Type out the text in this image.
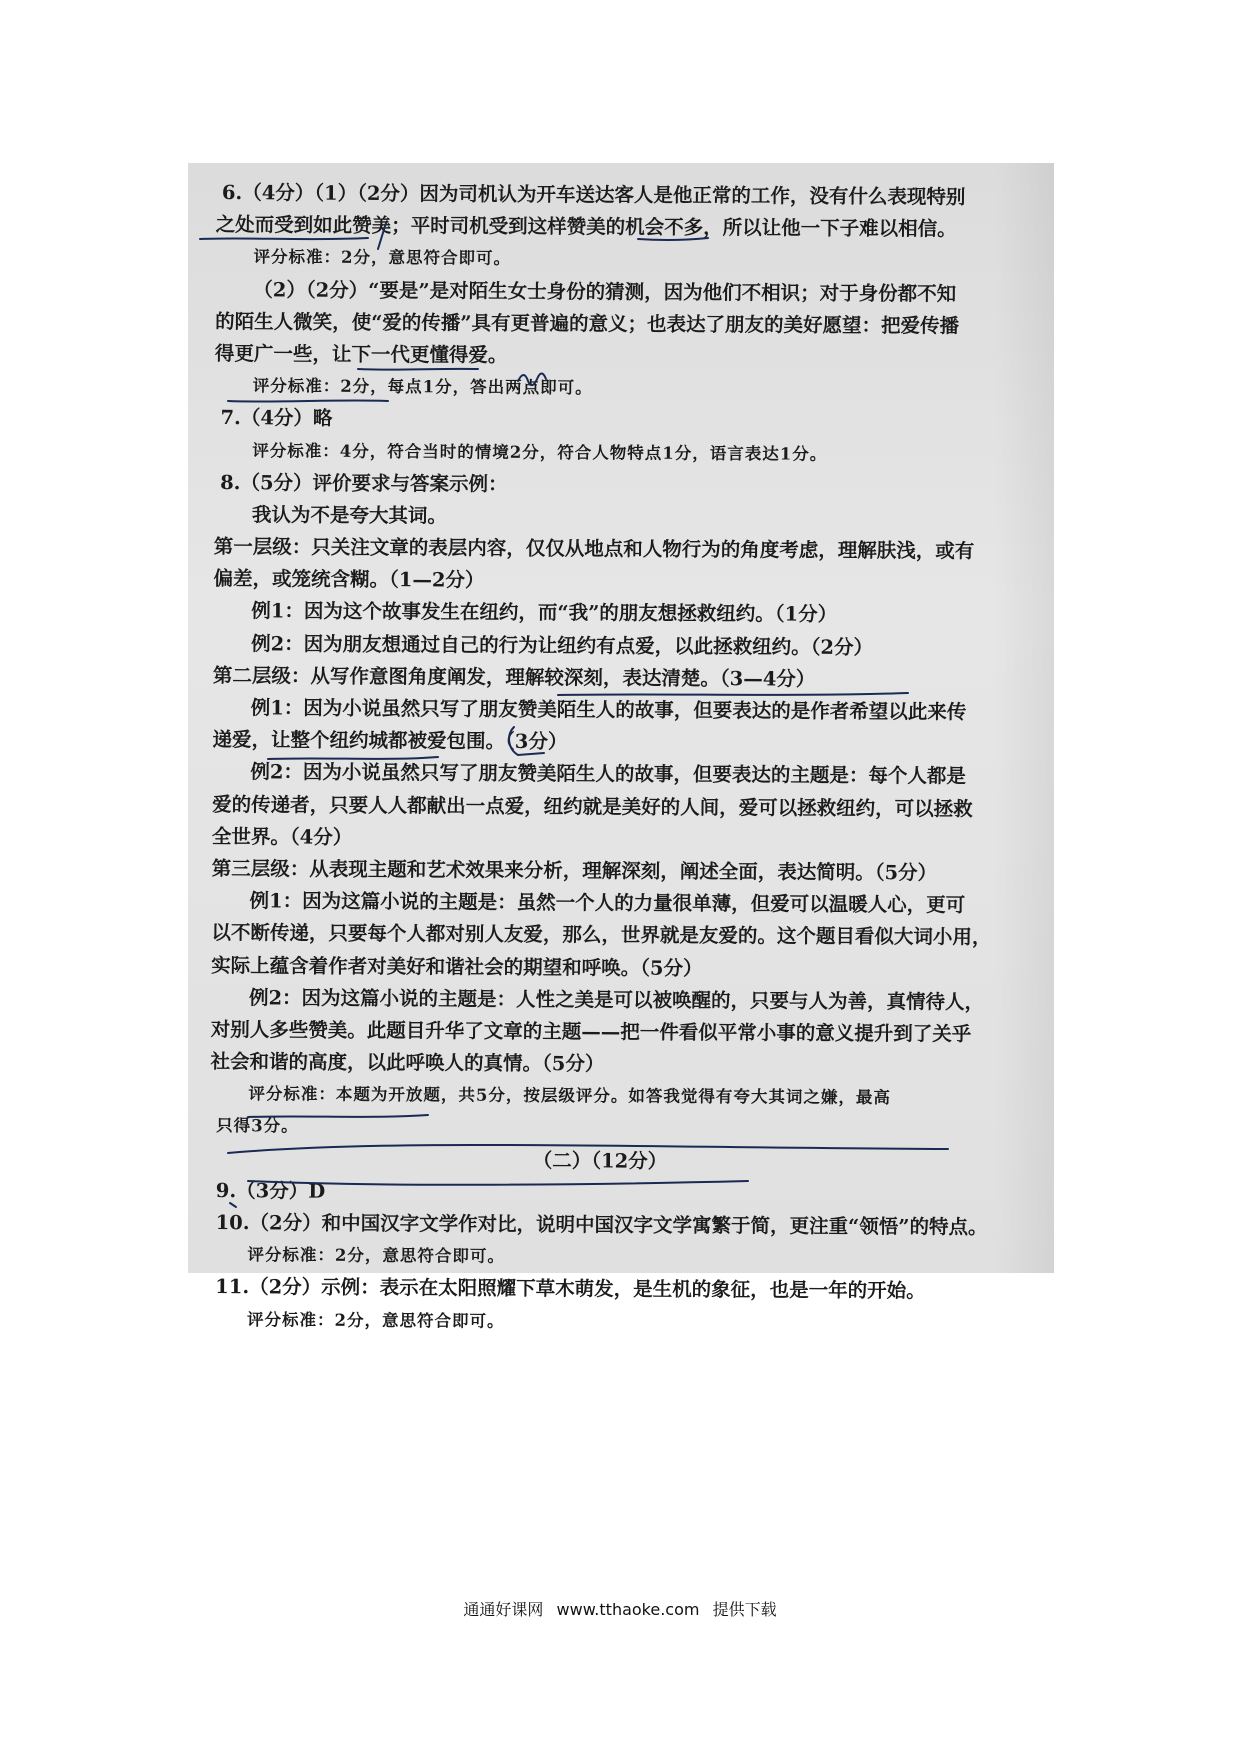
6.（4分）（1）（2分）因为司机认为开车送达客人是他正常的工作，没有什么表现特别
之处而受到如此赞美；平时司机受到这样赞美的机会不多，所以让他一下子难以相信。
评分标准：2分，意思符合即可。
（2）（2分）“要是”是对陌生女士身份的猜测，因为他们不相识；对于身份都不知
的陌生人微笑，使“爱的传播”具有更普遍的意义；也表达了朋友的美好愿望：把爱传播
得更广一些，让下一代更懂得爱。
评分标准：2分，每点1分，答出两点即可。
7.（4分）略
评分标准：4分，符合当时的情境2分，符合人物特点1分，语言表达1分。
8.（5分）评价要求与答案示例：
我认为不是夸大其词。
第一层级：只关注文章的表层内容，仅仅从地点和人物行为的角度考虑，理解肤浅，或有
偏差，或笼统含糊。（1—2分）
例1：因为这个故事发生在纽约，而“我”的朋友想拯救纽约。（1分）
例2：因为朋友想通过自己的行为让纽约有点爱，以此拯救纽约。（2分）
第二层级：从写作意图角度阐发，理解较深刻，表达清楚。（3—4分）
例1：因为小说虽然只写了朋友赞美陌生人的故事，但要表达的是作者希望以此来传
递爱，让整个纽约城都被爱包围。（3分）
例2：因为小说虽然只写了朋友赞美陌生人的故事，但要表达的主题是：每个人都是
爱的传递者，只要人人都献出一点爱，纽约就是美好的人间，爱可以拯救纽约，可以拯救
全世界。（4分）
第三层级：从表现主题和艺术效果来分析，理解深刻，阐述全面，表达简明。（5分）
例1：因为这篇小说的主题是：虽然一个人的力量很单薄，但爱可以温暖人心，更可
以不断传递，只要每个人都对别人友爱，那么，世界就是友爱的。这个题目看似大词小用，
实际上蕴含着作者对美好和谐社会的期望和呼唤。（5分）
例2：因为这篇小说的主题是：人性之美是可以被唤醒的，只要与人为善，真情待人，
对别人多些赞美。此题目升华了文章的主题——把一件看似平常小事的意义提升到了关乎
社会和谐的高度，以此呼唤人的真情。（5分）
评分标准：本题为开放题，共5分，按层级评分。如答我觉得有夸大其词之嫌，最高
只得3分。
（二）（12分）
9.（3分）D
10.（2分）和中国汉字文学作对比，说明中国汉字文学寓繁于简，更注重“领悟”的特点。
评分标准：2分，意思符合即可。
11.（2分）示例：表示在太阳照耀下草木萌发，是生机的象征，也是一年的开始。
评分标准：2分，意思符合即可。
通通好课网 www.tthaoke.com 提供下载
